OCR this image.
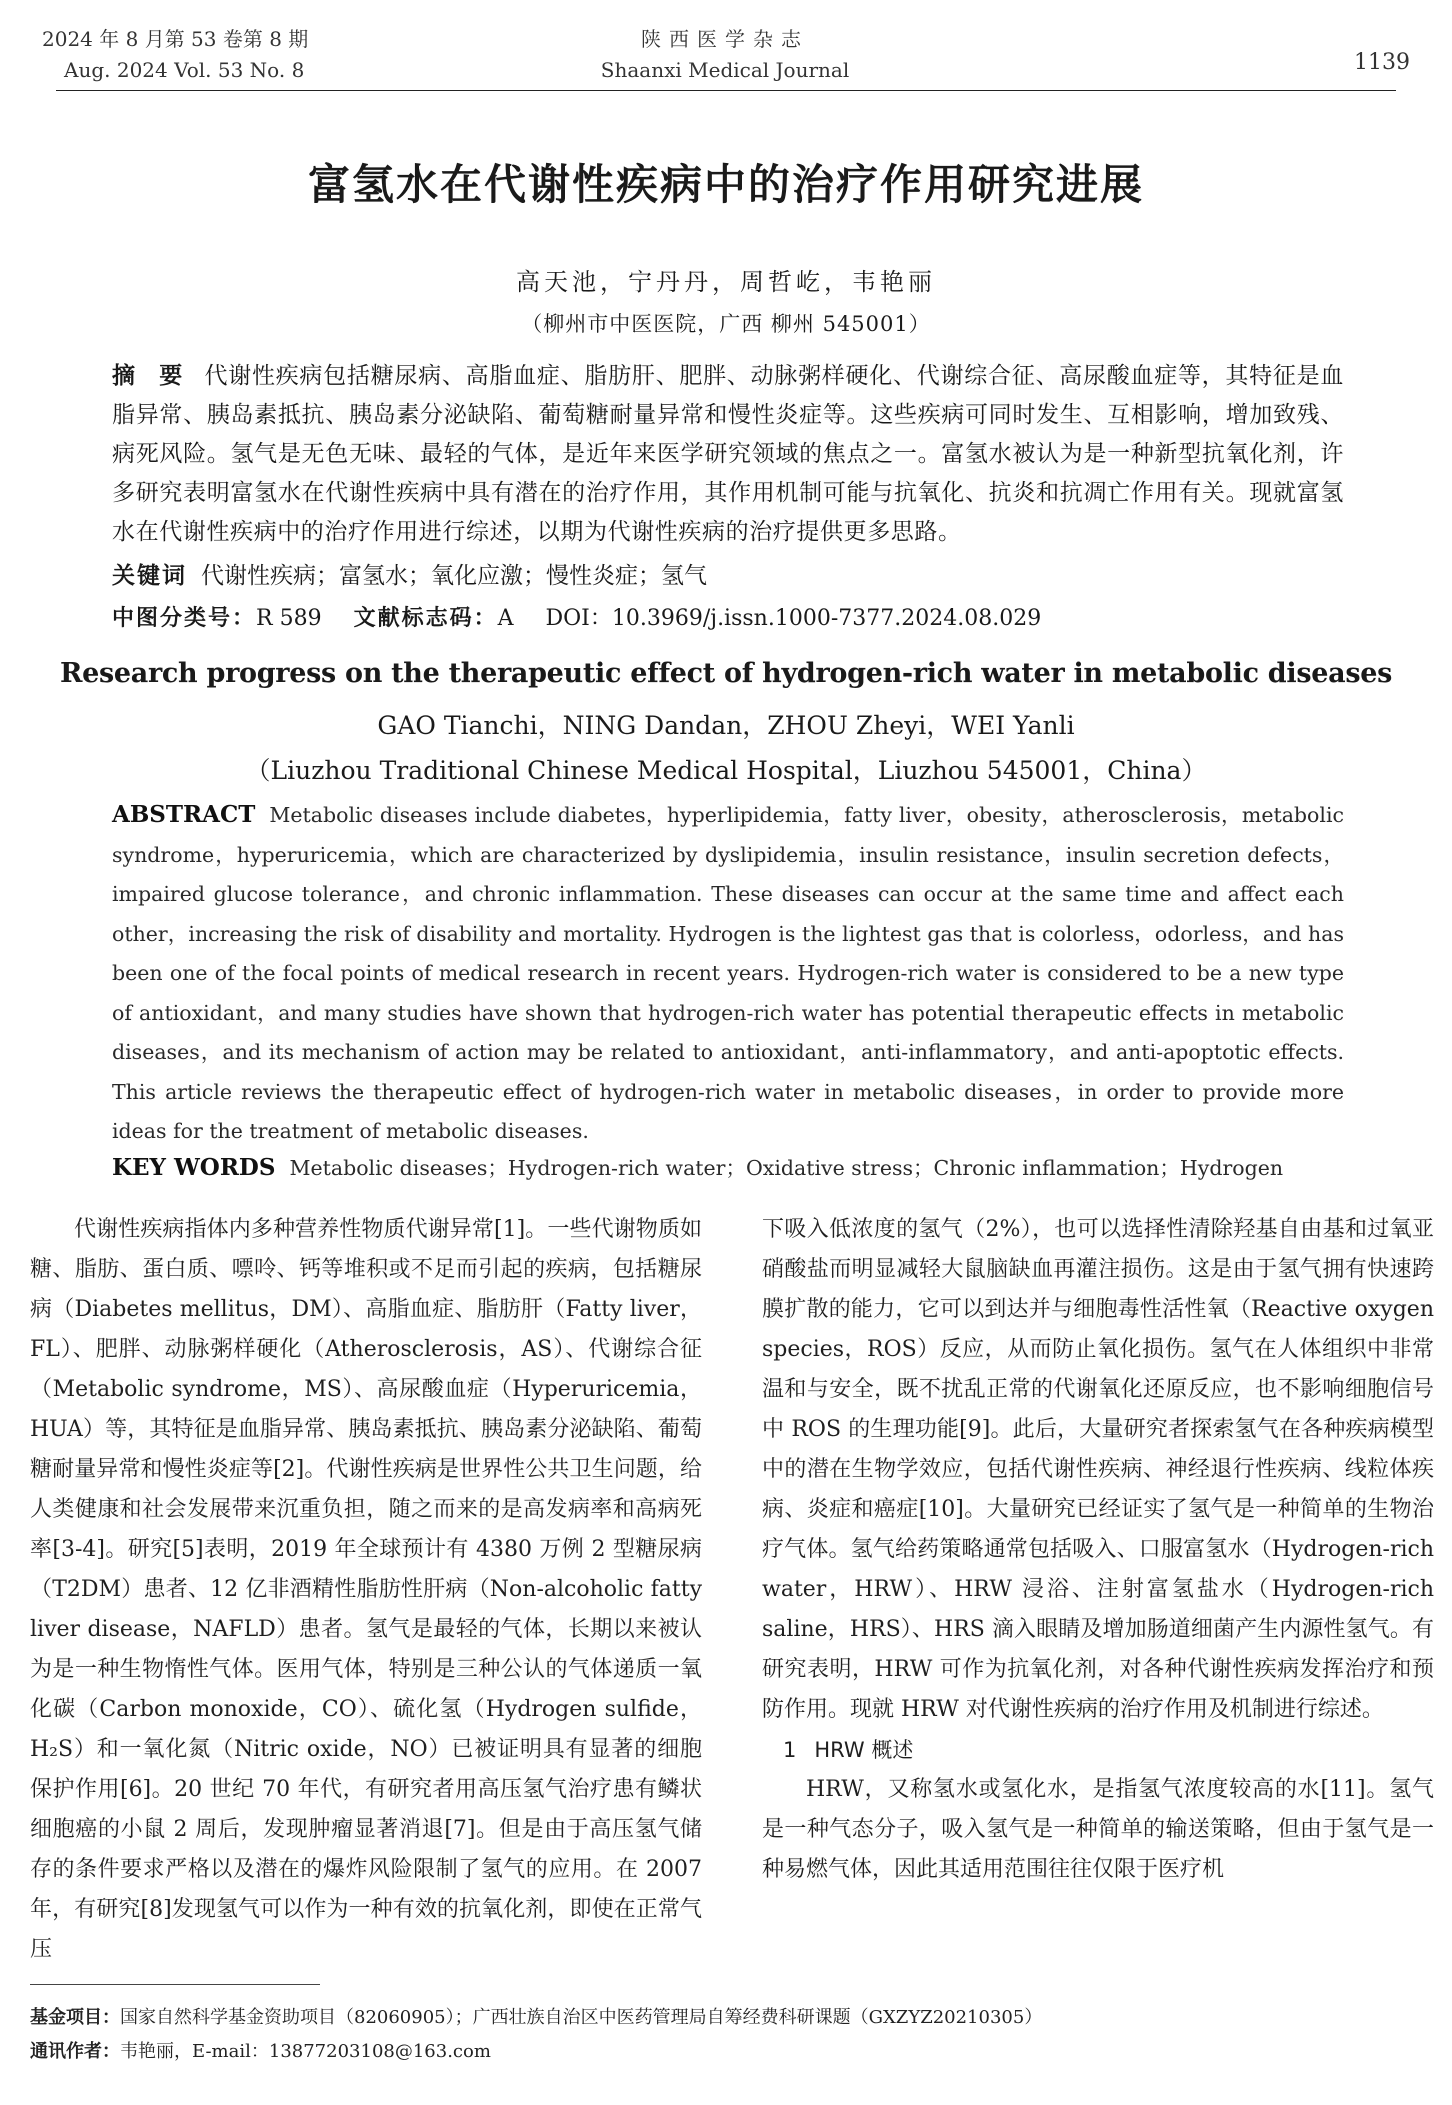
2024 年 8 月第 53 卷第 8 期
Aug. 2024 Vol. 53 No. 8
陕西医学杂志
Shaanxi Medical Journal	1139
富氢水在代谢性疾病中的治疗作用研究进展
高天池，宁丹丹，周哲屹，韦艳丽
（柳州市中医医院，广西 柳州 545001）
摘 要 代谢性疾病包括糖尿病、高脂血症、脂肪肝、肥胖、动脉粥样硬化、代谢综合征、高尿酸血症等，其特征是血脂异常、胰岛素抵抗、胰岛素分泌缺陷、葡萄糖耐量异常和慢性炎症等。这些疾病可同时发生、互相影响，增加致残、病死风险。氢气是无色无味、最轻的气体，是近年来医学研究领域的焦点之一。富氢水被认为是一种新型抗氧化剂，许多研究表明富氢水在代谢性疾病中具有潜在的治疗作用，其作用机制可能与抗氧化、抗炎和抗凋亡作用有关。现就富氢水在代谢性疾病中的治疗作用进行综述，以期为代谢性疾病的治疗提供更多思路。
关键词 代谢性疾病；富氢水；氧化应激；慢性炎症；氢气
中图分类号：R 589 文献标志码：A DOI：10.3969/j.issn.1000-7377.2024.08.029
Research progress on the therapeutic effect of hydrogen-rich water in metabolic diseases
GAO Tianchi，NING Dandan，ZHOU Zheyi，WEI Yanli
（Liuzhou Traditional Chinese Medical Hospital，Liuzhou 545001，China）
ABSTRACT Metabolic diseases include diabetes，hyperlipidemia，fatty liver，obesity，atherosclerosis，metabolic syndrome，hyperuricemia，which are characterized by dyslipidemia，insulin resistance，insulin secretion defects，impaired glucose tolerance，and chronic inflammation. These diseases can occur at the same time and affect each other，increasing the risk of disability and mortality. Hydrogen is the lightest gas that is colorless，odorless，and has been one of the focal points of medical research in recent years. Hydrogen-rich water is considered to be a new type of antioxidant，and many studies have shown that hydrogen-rich water has potential therapeutic effects in metabolic diseases，and its mechanism of action may be related to antioxidant，anti-inflammatory，and anti-apoptotic effects. This article reviews the therapeutic effect of hydrogen-rich water in metabolic diseases，in order to provide more ideas for the treatment of metabolic diseases.
KEY WORDS Metabolic diseases；Hydrogen-rich water；Oxidative stress；Chronic inflammation；Hydrogen

代谢性疾病指体内多种营养性物质代谢异常[1]。一些代谢物质如糖、脂肪、蛋白质、嘌呤、钙等堆积或不足而引起的疾病，包括糖尿病（Diabetes mellitus，DM）、高脂血症、脂肪肝（Fatty liver，FL）、肥胖、动脉粥样硬化（Atherosclerosis，AS）、代谢综合征（Metabolic syndrome，MS）、高尿酸血症（Hyperuricemia，HUA）等，其特征是血脂异常、胰岛素抵抗、胰岛素分泌缺陷、葡萄糖耐量异常和慢性炎症等[2]。代谢性疾病是世界性公共卫生问题，给人类健康和社会发展带来沉重负担，随之而来的是高发病率和高病死率[3-4]。研究[5]表明，2019 年全球预计有 4380 万例 2 型糖尿病（T2DM）患者、12 亿非酒精性脂肪性肝病（Non-alcoholic fatty liver disease，NAFLD）患者。氢气是最轻的气体，长期以来被认为是一种生物惰性气体。医用气体，特别是三种公认的气体递质一氧化碳（Carbon monoxide，CO）、硫化氢（Hydrogen sulfide，H₂S）和一氧化氮（Nitric oxide，NO）已被证明具有显著的细胞保护作用[6]。20 世纪 70 年代，有研究者用高压氢气治疗患有鳞状细胞癌的小鼠 2 周后，发现肿瘤显著消退[7]。但是由于高压氢气储存的条件要求严格以及潜在的爆炸风险限制了氢气的应用。在 2007 年，有研究[8]发现氢气可以作为一种有效的抗氧化剂，即使在正常气压

下吸入低浓度的氢气（2%），也可以选择性清除羟基自由基和过氧亚硝酸盐而明显减轻大鼠脑缺血再灌注损伤。这是由于氢气拥有快速跨膜扩散的能力，它可以到达并与细胞毒性活性氧（Reactive oxygen species，ROS）反应，从而防止氧化损伤。氢气在人体组织中非常温和与安全，既不扰乱正常的代谢氧化还原反应，也不影响细胞信号中 ROS 的生理功能[9]。此后，大量研究者探索氢气在各种疾病模型中的潜在生物学效应，包括代谢性疾病、神经退行性疾病、线粒体疾病、炎症和癌症[10]。大量研究已经证实了氢气是一种简单的生物治疗气体。氢气给药策略通常包括吸入、口服富氢水（Hydrogen-rich water，HRW）、HRW 浸浴、注射富氢盐水（Hydrogen-rich saline，HRS）、HRS 滴入眼睛及增加肠道细菌产生内源性氢气。有研究表明，HRW 可作为抗氧化剂，对各种代谢性疾病发挥治疗和预防作用。现就 HRW 对代谢性疾病的治疗作用及机制进行综述。

1 HRW 概述

HRW，又称氢水或氢化水，是指氢气浓度较高的水[11]。氢气是一种气态分子，吸入氢气是一种简单的输送策略，但由于氢气是一种易燃气体，因此其适用范围往往仅限于医疗机

基金项目：国家自然科学基金资助项目（82060905）；广西壮族自治区中医药管理局自筹经费科研课题（GXZYZ20210305）
通讯作者：韦艳丽，E-mail：13877203108@163.com
